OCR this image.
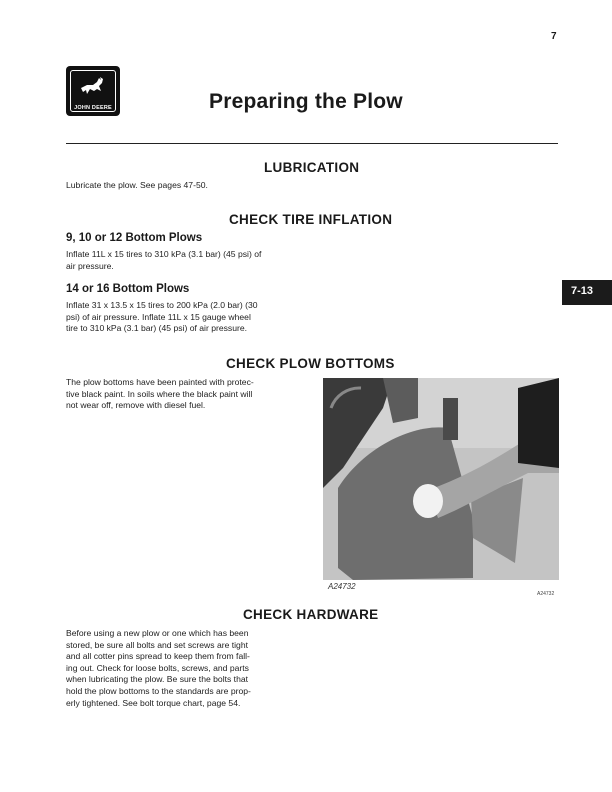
7
JOHN DEERE	Preparing the Plow
7-13
LUBRICATION
Lubricate the plow. See pages 47-50.
CHECK TIRE INFLATION
9, 10 or 12 Bottom Plows
Inflate 11L x 15 tires to 310 kPa (3.1 bar) (45 psi) of
air pressure.
14 or 16 Bottom Plows
Inflate 31 x 13.5 x 15 tires to 200 kPa (2.0 bar) (30
psi) of air pressure. Inflate 11L x 15 gauge wheel
tire to 310 kPa (3.1 bar) (45 psi) of air pressure.
CHECK PLOW BOTTOMS
The plow bottoms have been painted with protec-
tive black paint. In soils where the black paint will
not wear off, remove with diesel fuel.
A24732
A24732
CHECK HARDWARE
Before using a new plow or one which has been
stored, be sure all bolts and set screws are tight
and all cotter pins spread to keep them from fall-
ing out. Check for loose bolts, screws, and parts
when lubricating the plow. Be sure the bolts that
hold the plow bottoms to the standards are prop-
erly tightened. See bolt torque chart, page 54.
